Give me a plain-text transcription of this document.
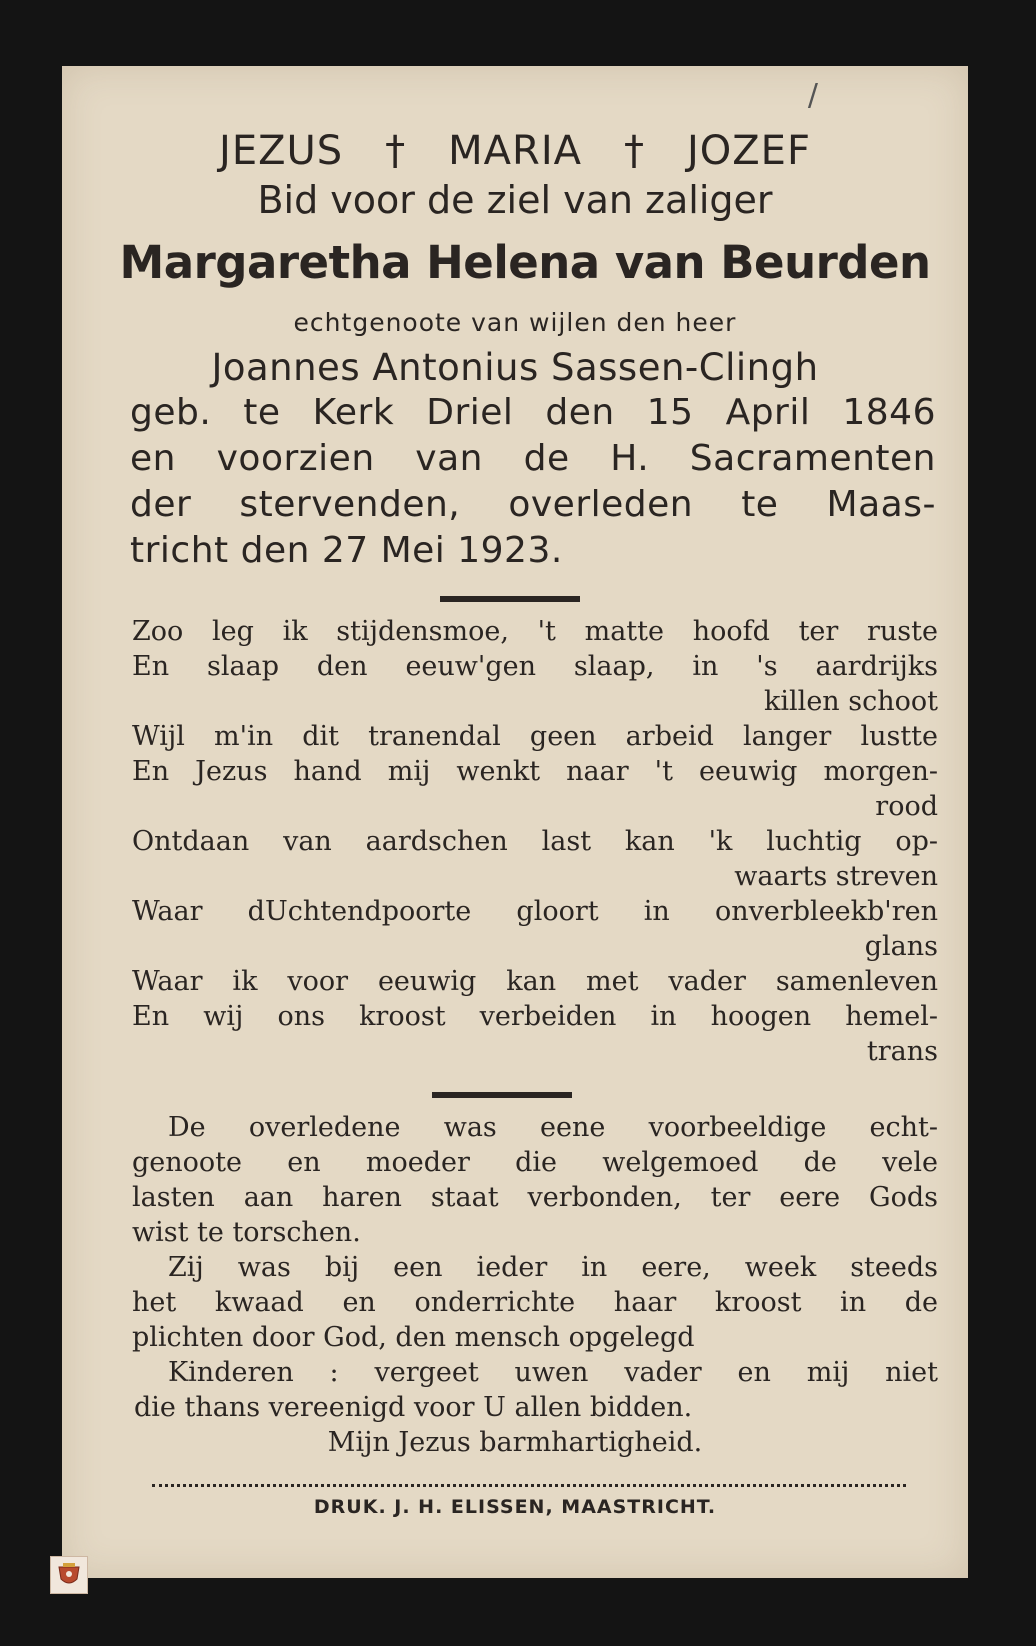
/
JEZUS † MARIA † JOZEF
Bid voor de ziel van zaliger
Margaretha Helena van Beurden
echtgenoote van wijlen den heer
Joannes Antonius Sassen-Clingh
geb. te Kerk Driel den 15 April 1846
en voorzien van de H. Sacramenten
der stervenden, overleden te Maas-
tricht den 27 Mei 1923.
Zoo leg ik stijdensmoe, 't matte hoofd ter ruste
En slaap den eeuw'gen slaap, in 's aardrijks
killen schoot
Wijl m'in dit tranendal geen arbeid langer lustte
En Jezus hand mij wenkt naar 't eeuwig morgen-
rood
Ontdaan van aardschen last kan 'k luchtig op-
waarts streven
Waar dUchtendpoorte gloort in onverbleekb'ren
glans
Waar ik voor eeuwig kan met vader samenleven
En wij ons kroost verbeiden in hoogen hemel-
trans
De overledene was eene voorbeeldige echt-
genoote en moeder die welgemoed de vele
lasten aan haren staat verbonden, ter eere Gods
wist te torschen.
Zij was bij een ieder in eere, week steeds
het kwaad en onderrichte haar kroost in de
plichten door God, den mensch opgelegd
Kinderen : vergeet uwen vader en mij niet
die thans vereenigd voor U allen bidden.
Mijn Jezus barmhartigheid.
DRUK. J. H. ELISSEN, MAASTRICHT.
